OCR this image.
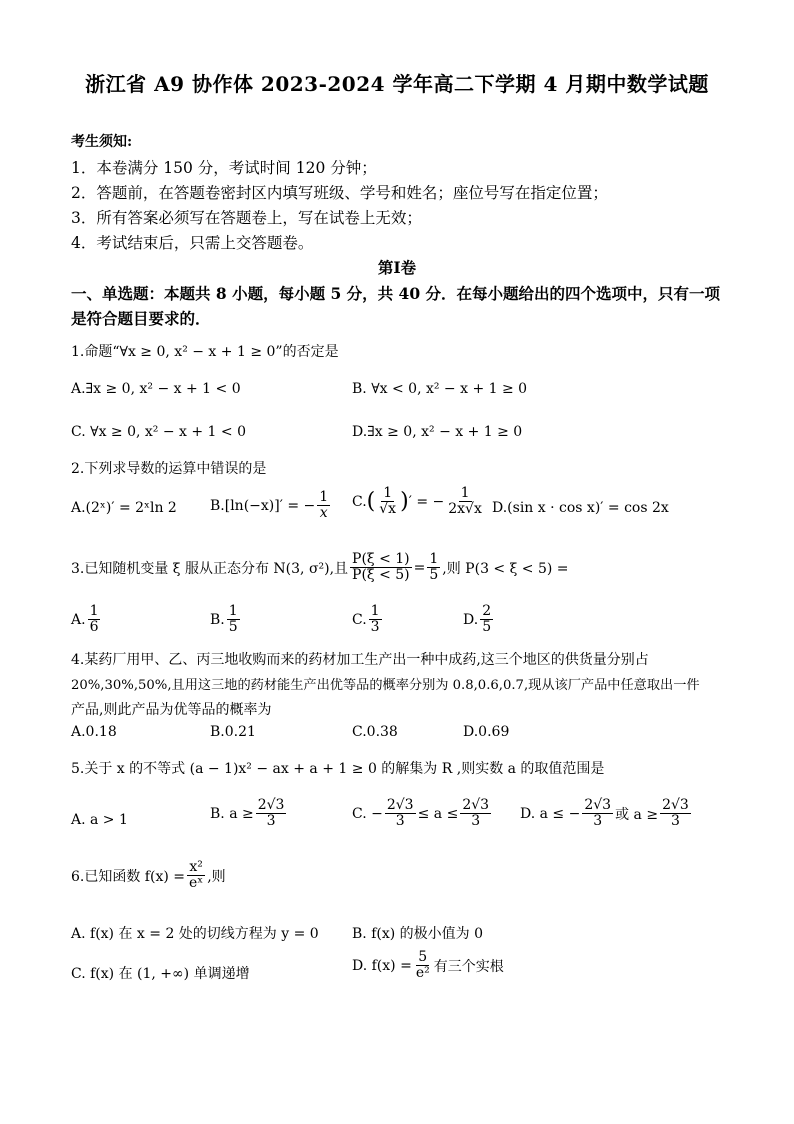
浙江省 A9 协作体 2023-2024 学年高二下学期 4 月期中数学试题
考生须知:
1．本卷满分 150 分，考试时间 120 分钟；
2．答题前，在答题卷密封区内填写班级、学号和姓名；座位号写在指定位置；
3．所有答案必须写在答题卷上，写在试卷上无效；
4．考试结束后，只需上交答题卷。
第Ⅰ卷
一、单选题：本题共 8 小题，每小题 5 分，共 40 分．在每小题给出的四个选项中，只有一项
是符合题目要求的．
1.命题“∀x ≥ 0, x² − x + 1 ≥ 0”的否定是
A.∃x ≥ 0, x² − x + 1 < 0	B. ∀x < 0, x² − x + 1 ≥ 0
C. ∀x ≥ 0, x² − x + 1 < 0	D.∃x ≥ 0, x² − x + 1 ≥ 0
2.下列求导数的运算中错误的是
A.(2ˣ)′ = 2ˣln 2 B.[ln(−x)]′ = − $\frac{1}{x} C$. ( $\frac{1}{√x}$ ) ′ = − $\frac{1}{2x√x} D.(\sin$ x · cos x)′ = cos 2x
3.已知随机变量 ξ 服从正态分布 N(3, σ²),且 $\frac{P(\xi < 1)}{P(\xi < 5)} = \frac{1}{5}$ ,则 P(3 < ξ < 5) =
A. $\frac{1}{6}$	B. $\frac{1}{5}$	C. $\frac{1}{3}$	D. $\frac{2}{5}$
4.某药厂用甲、乙、丙三地收购而来的药材加工生产出一种中成药,这三个地区的供货量分别占
20%,30%,50%,且用这三地的药材能生产出优等品的概率分别为 0.8,0.6,0.7,现从该厂产品中任意取出一件
产品,则此产品为优等品的概率为
A.0.18	B.0.21	C.0.38	D.0.69
5.关于 x 的不等式 (a − 1)x² − ax + a + 1 ≥ 0 的解集为 R ,则实数 a 的取值范围是
A. a > 1	B. $a \ge \frac{2√3}{3}$	C. − $\frac{2√3}{3} \le a \le \frac{2√3}{3} D$. a ≤ − $\frac{2√3}{3}$ 或 $a \ge \frac{2√3}{3}$
6.已知函数 $f(x) = \frac{\text{x²}}{\text{eˣ}}$ ,则
A. f(x) 在 x = 2 处的切线方程为 y = 0 B. f(x) 的极小值为 0
C. f(x) 在 (1, +∞) 单调递增
D. $f(x) = \frac{5}{\text{e²}}$ 有三个实根
